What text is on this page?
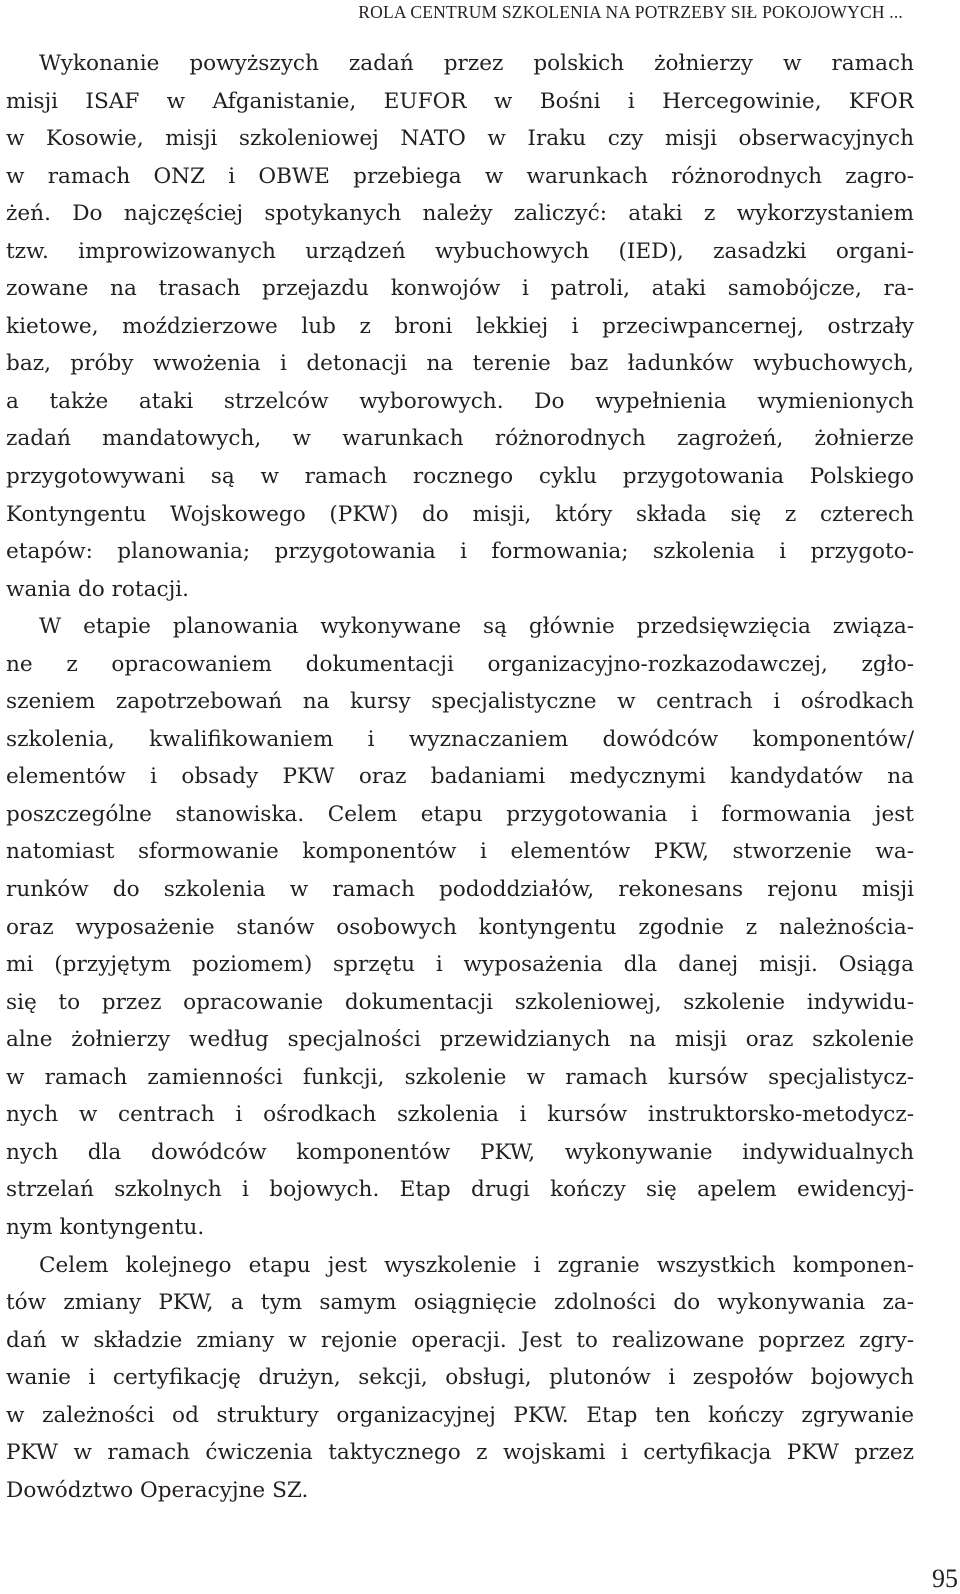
ROLA CENTRUM SZKOLENIA NA POTRZEBY SIŁ POKOJOWYCH ...
Wykonanie powyższych zadań przez polskich żołnierzy w ramach
misji ISAF w Afganistanie, EUFOR w Bośni i Hercegowinie, KFOR
w Kosowie, misji szkoleniowej NATO w Iraku czy misji obserwacyjnych
w ramach ONZ i OBWE przebiega w warunkach różnorodnych zagro-
żeń. Do najczęściej spotykanych należy zaliczyć: ataki z wykorzystaniem
tzw. improwizowanych urządzeń wybuchowych (IED), zasadzki organi-
zowane na trasach przejazdu konwojów i patroli, ataki samobójcze, ra-
kietowe, moździerzowe lub z broni lekkiej i przeciwpancernej, ostrzały
baz, próby wwożenia i detonacji na terenie baz ładunków wybuchowych,
a także ataki strzelców wyborowych. Do wypełnienia wymienionych
zadań mandatowych, w warunkach różnorodnych zagrożeń, żołnierze
przygotowywani są w ramach rocznego cyklu przygotowania Polskiego
Kontyngentu Wojskowego (PKW) do misji, który składa się z czterech
etapów: planowania; przygotowania i formowania; szkolenia i przygoto-
wania do rotacji.
W etapie planowania wykonywane są głównie przedsięwzięcia związa-
ne z opracowaniem dokumentacji organizacyjno-rozkazodawczej, zgło-
szeniem zapotrzebowań na kursy specjalistyczne w centrach i ośrodkach
szkolenia, kwalifikowaniem i wyznaczaniem dowódców komponentów/
elementów i obsady PKW oraz badaniami medycznymi kandydatów na
poszczególne stanowiska. Celem etapu przygotowania i formowania jest
natomiast sformowanie komponentów i elementów PKW, stworzenie wa-
runków do szkolenia w ramach pododdziałów, rekonesans rejonu misji
oraz wyposażenie stanów osobowych kontyngentu zgodnie z należnościa-
mi (przyjętym poziomem) sprzętu i wyposażenia dla danej misji. Osiąga
się to przez opracowanie dokumentacji szkoleniowej, szkolenie indywidu-
alne żołnierzy według specjalności przewidzianych na misji oraz szkolenie
w ramach zamienności funkcji, szkolenie w ramach kursów specjalistycz-
nych w centrach i ośrodkach szkolenia i kursów instruktorsko-metodycz-
nych dla dowódców komponentów PKW, wykonywanie indywidualnych
strzelań szkolnych i bojowych. Etap drugi kończy się apelem ewidencyj-
nym kontyngentu.
Celem kolejnego etapu jest wyszkolenie i zgranie wszystkich komponen-
tów zmiany PKW, a tym samym osiągnięcie zdolności do wykonywania za-
dań w składzie zmiany w rejonie operacji. Jest to realizowane poprzez zgry-
wanie i certyfikację drużyn, sekcji, obsługi, plutonów i zespołów bojowych
w zależności od struktury organizacyjnej PKW. Etap ten kończy zgrywanie
PKW w ramach ćwiczenia taktycznego z wojskami i certyfikacja PKW przez
Dowództwo Operacyjne SZ.
95
